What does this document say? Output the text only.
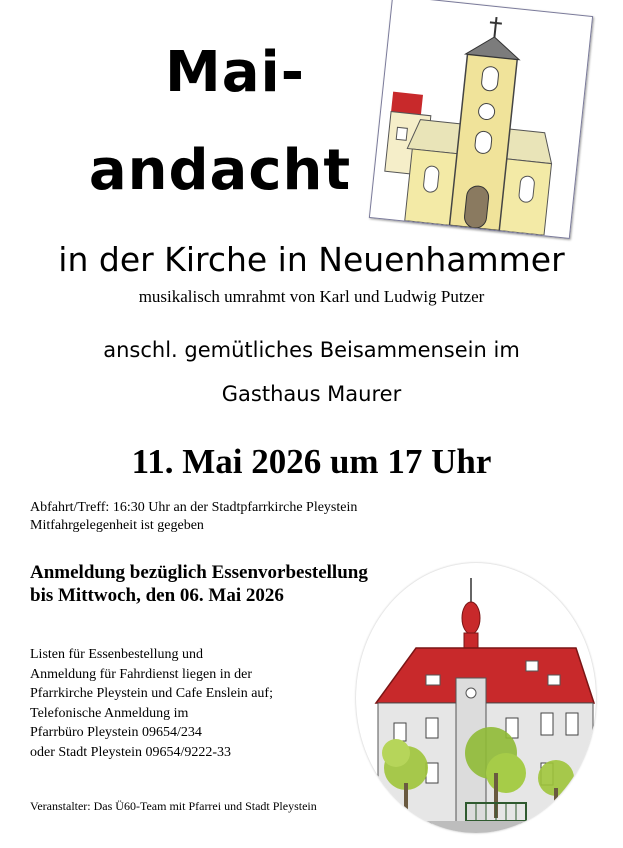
Mai-
andacht
in der Kirche in Neuenhammer
musikalisch umrahmt von Karl und Ludwig Putzer
anschl. gemütliches Beisammensein im
Gasthaus Maurer
11. Mai 2026 um 17 Uhr
Abfahrt/Treff: 16:30 Uhr an der Stadtpfarrkirche Pleystein
Mitfahrgelegenheit ist gegeben
Anmeldung bezüglich Essenvorbestellung
bis Mittwoch, den 06. Mai 2026
Listen für Essenbestellung und
Anmeldung für Fahrdienst liegen in der
Pfarrkirche Pleystein und Cafe Enslein auf;
Telefonische Anmeldung im
Pfarrbüro Pleystein 09654/234
oder Stadt Pleystein 09654/9222-33
Veranstalter: Das Ü60-Team mit Pfarrei und Stadt Pleystein
